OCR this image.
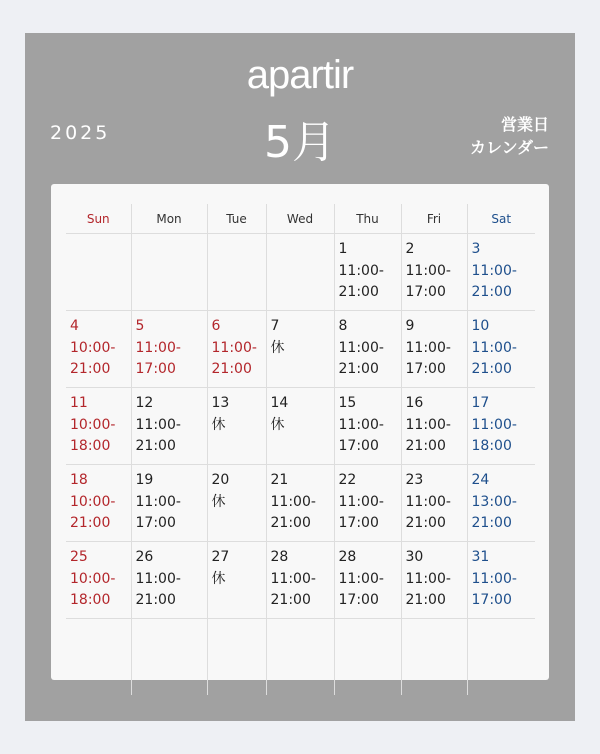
apartir
5月
2025	営業日
カレンダー
Sun	Mon	Tue	Wed	Thu	Fri	Sat

				1
11:00-
21:00	2
11:00-
17:00	3
11:00-
21:00

4
10:00-
21:00	5
11:00-
17:00	6
11:00-
21:00	7
休	8
11:00-
21:00	9
11:00-
17:00	10
11:00-
21:00

11
10:00-
18:00	12
11:00-
21:00	13
休	14
休	15
11:00-
17:00	16
11:00-
21:00	17
11:00-
18:00

18
10:00-
21:00	19
11:00-
17:00	20
休	21
11:00-
21:00	22
11:00-
17:00	23
11:00-
21:00	24
13:00-
21:00

25
10:00-
18:00	26
11:00-
21:00	27
休	28
11:00-
21:00	28
11:00-
17:00	30
11:00-
21:00	31
11:00-
17:00
